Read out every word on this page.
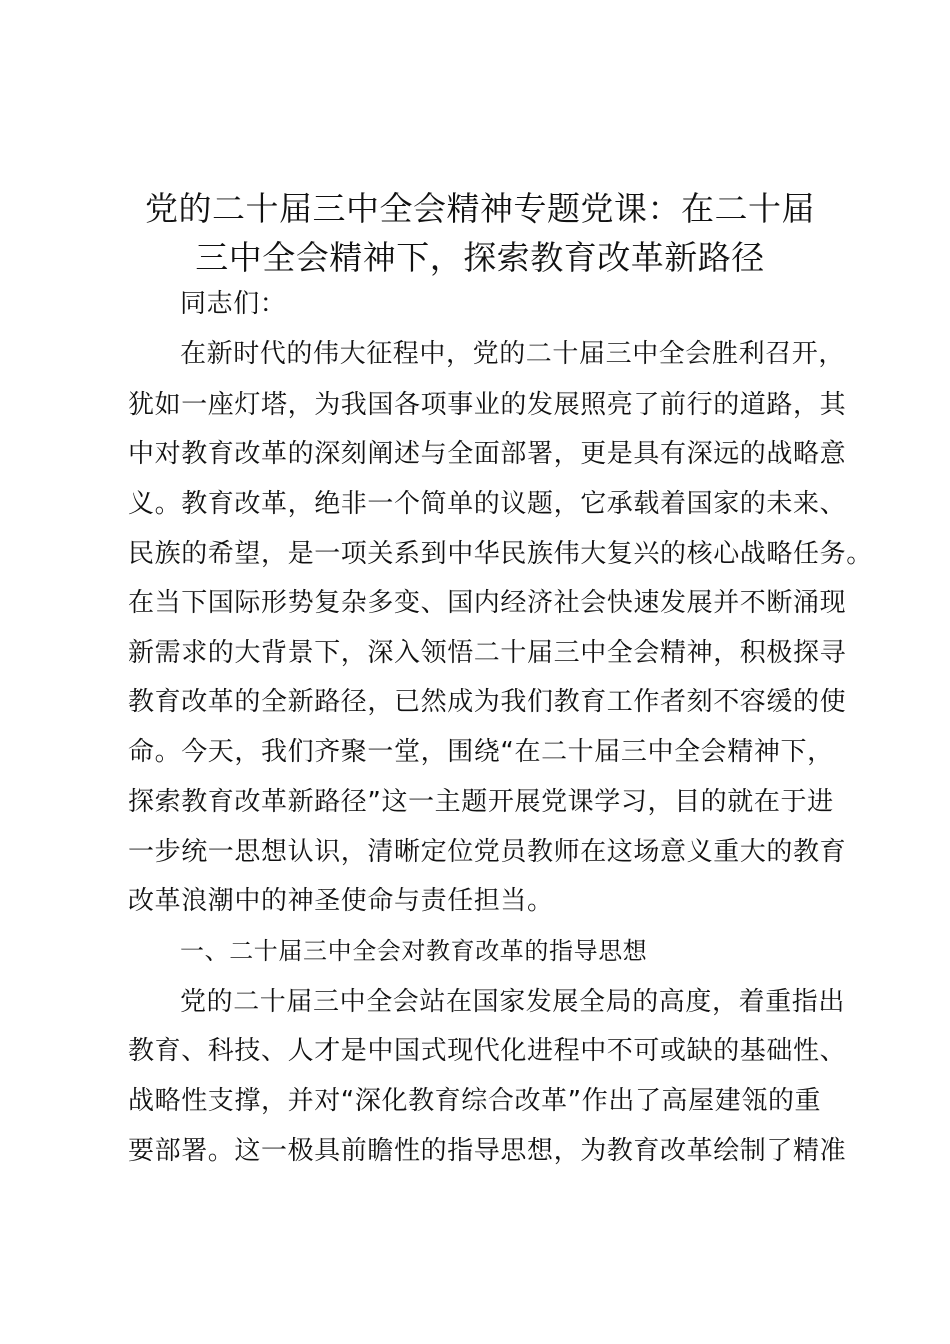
党的二十届三中全会精神专题党课：在二十届
三中全会精神下，探索教育改革新路径
同志们：
在新时代的伟大征程中，党的二十届三中全会胜利召开，
犹如一座灯塔，为我国各项事业的发展照亮了前行的道路，其
中对教育改革的深刻阐述与全面部署，更是具有深远的战略意
义。教育改革，绝非一个简单的议题，它承载着国家的未来、
民族的希望，是一项关系到中华民族伟大复兴的核心战略任务。
在当下国际形势复杂多变、国内经济社会快速发展并不断涌现
新需求的大背景下，深入领悟二十届三中全会精神，积极探寻
教育改革的全新路径，已然成为我们教育工作者刻不容缓的使
命。今天，我们齐聚一堂，围绕“在二十届三中全会精神下，
探索教育改革新路径”这一主题开展党课学习，目的就在于进
一步统一思想认识，清晰定位党员教师在这场意义重大的教育
改革浪潮中的神圣使命与责任担当。
一、二十届三中全会对教育改革的指导思想
党的二十届三中全会站在国家发展全局的高度，着重指出
教育、科技、人才是中国式现代化进程中不可或缺的基础性、
战略性支撑，并对“深化教育综合改革”作出了高屋建瓴的重
要部署。这一极具前瞻性的指导思想，为教育改革绘制了精准
